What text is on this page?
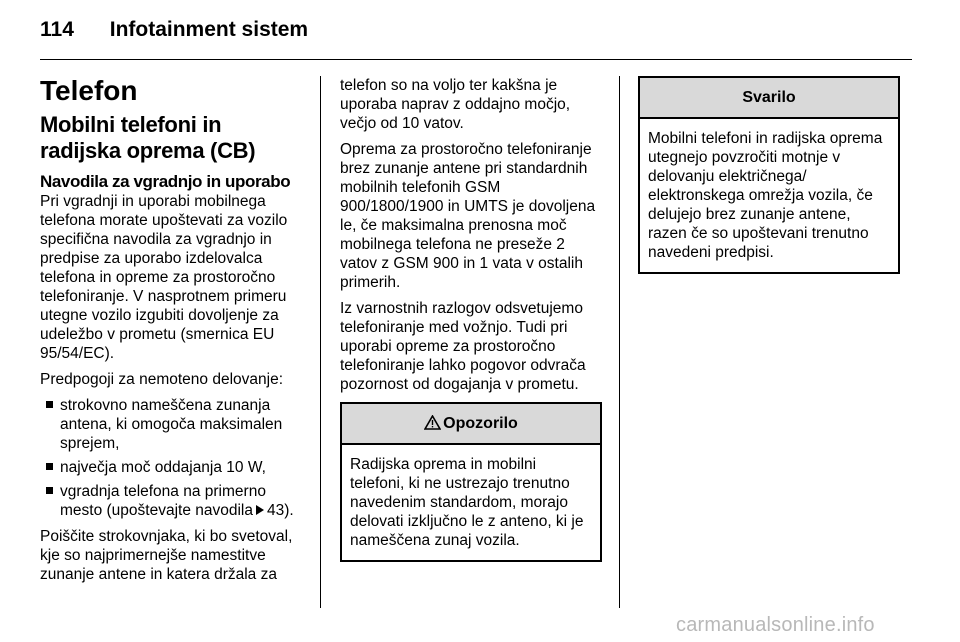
114 Infotainment sistem
Telefon
Mobilni telefoni in radijska oprema (CB)
Navodila za vgradnjo in uporabo

Pri vgradnji in uporabi mobilnega telefona morate upoštevati za vozilo specifična navodila za vgradnjo in predpise za uporabo izdelovalca telefona in opreme za prostoročno telefoniranje. V nasprotnem primeru utegne vozilo izgubiti dovoljenje za udeležbo v prometu (smernica EU 95/54/EC).

Predpogoji za nemoteno delovanje:

strokovno nameščena zunanja antena, ki omogoča maksimalen sprejem,
največja moč oddajanja 10 W,
vgradnja telefona na primerno mesto (upoštevajte navodila 43).

Poiščite strokovnjaka, ki bo svetoval, kje so najprimernejše namestitve zunanje antene in katera držala za

telefon so na voljo ter kakšna je uporaba naprav z oddajno močjo, večjo od 10 vatov.

Oprema za prostoročno telefoniranje brez zunanje antene pri standardnih mobilnih telefonih GSM 900/1800/1900 in UMTS je dovoljena le, če maksimalna prenosna moč mobilnega telefona ne preseže 2 vatov z GSM 900 in 1 vata v ostalih primerih.

Iz varnostnih razlogov odsvetujemo telefoniranje med vožnjo. Tudi pri uporabi opreme za prostoročno telefoniranje lahko pogovor odvrača pozornost od dogajanja v prometu.

Opozorilo
Radijska oprema in mobilni telefoni, ki ne ustrezajo trenutno navedenim standardom, morajo delovati izključno le z anteno, ki je nameščena zunaj vozila.
Svarilo
Mobilni telefoni in radijska oprema utegnejo povzročiti motnje v delovanju električnega/ elektronskega omrežja vozila, če delujejo brez zunanje antene, razen če so upoštevani trenutno navedeni predpisi.
carmanualsonline.info
